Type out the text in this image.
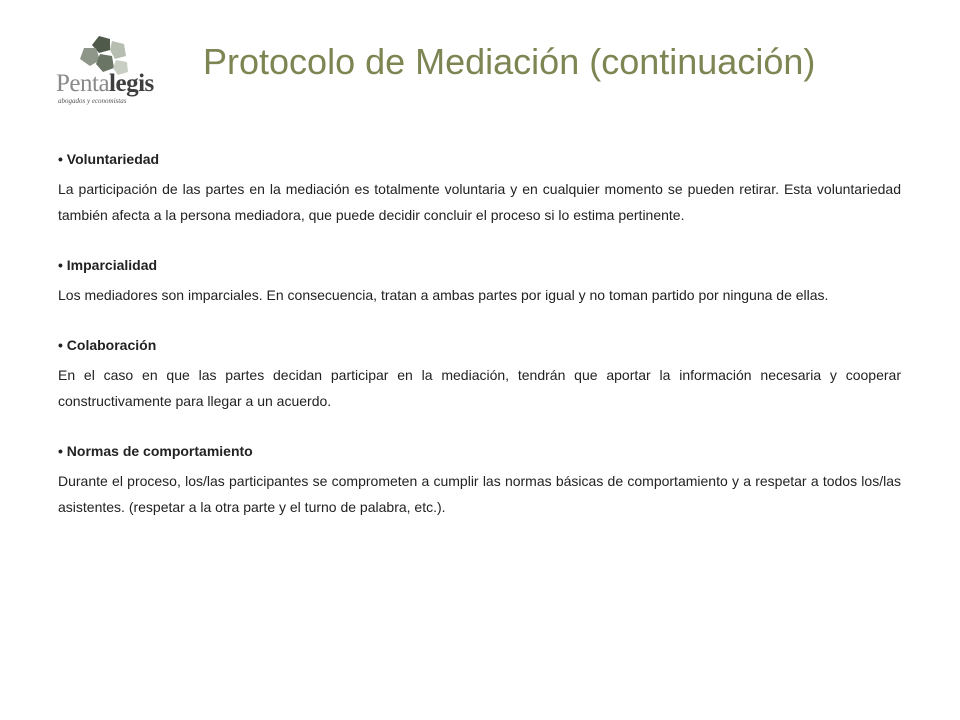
Pentalegis
abogados y economistas
Protocolo de Mediación (continuación)

• Voluntariedad

La participación de las partes en la mediación es totalmente voluntaria y en cualquier momento se pueden retirar. Esta voluntariedad también afecta a la persona mediadora, que puede decidir concluir el proceso si lo estima pertinente.

• Imparcialidad

Los mediadores son imparciales. En consecuencia, tratan a ambas partes por igual y no toman partido por ninguna de ellas.

• Colaboración

En el caso en que las partes decidan participar en la mediación, tendrán que aportar la información necesaria y cooperar constructivamente para llegar a un acuerdo.

• Normas de comportamiento

Durante el proceso, los/las participantes se comprometen a cumplir las normas básicas de comportamiento y a respetar a todos los/las asistentes. (respetar a la otra parte y el turno de palabra, etc.).
